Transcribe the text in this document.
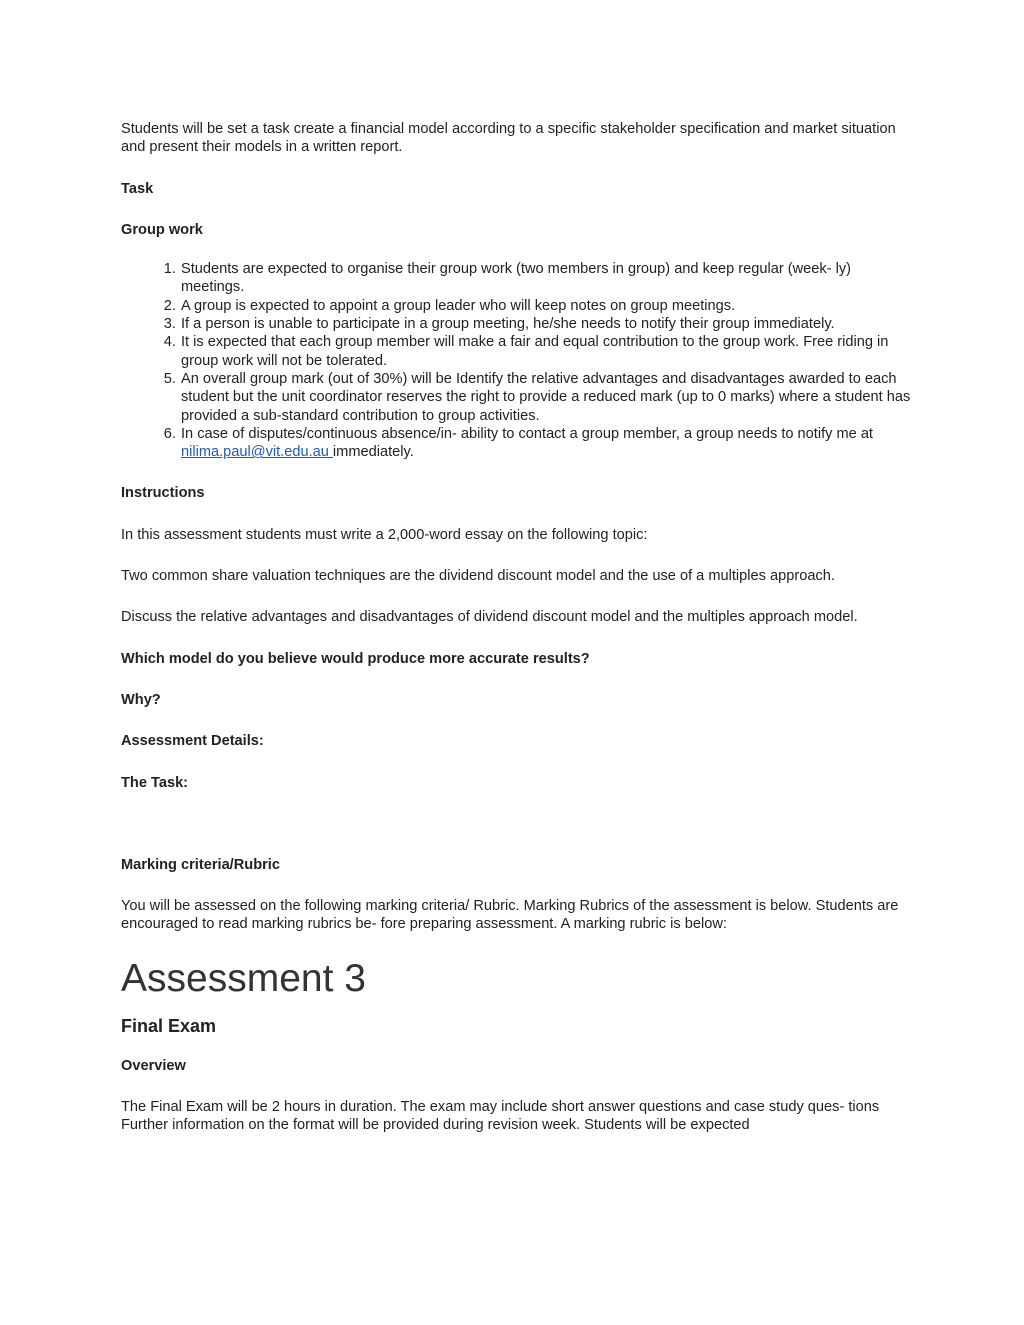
Students will be set a task create a financial model according to a specific stakeholder specification and market situation and present their models in a written report.

Task

Group work

1. Students are expected to organise their group work (two members in group) and keep regular (week- ly) meetings.
2. A group is expected to appoint a group leader who will keep notes on group meetings.
3. If a person is unable to participate in a group meeting, he/she needs to notify their group immediately.
4. It is expected that each group member will make a fair and equal contribution to the group work. Free riding in group work will not be tolerated.
5. An overall group mark (out of 30%) will be Identify the relative advantages and disadvantages awarded to each student but the unit coordinator reserves the right to provide a reduced mark (up to 0 marks) where a student has provided a sub-standard contribution to group activities.
6. In case of disputes/continuous absence/in- ability to contact a group member, a group needs to notify me at nilima.paul@vit.edu.au immediately.

Instructions

In this assessment students must write a 2,000-word essay on the following topic:

Two common share valuation techniques are the dividend discount model and the use of a multiples approach.

Discuss the relative advantages and disadvantages of dividend discount model and the multiples approach model.

Which model do you believe would produce more accurate results?

Why?

Assessment Details:

The Task:

Marking criteria/Rubric

You will be assessed on the following marking criteria/ Rubric. Marking Rubrics of the assessment is below. Students are encouraged to read marking rubrics be- fore preparing assessment. A marking rubric is below:

Assessment 3
Final Exam

Overview

The Final Exam will be 2 hours in duration. The exam may include short answer questions and case study ques- tions Further information on the format will be provided during revision week. Students will be expected
